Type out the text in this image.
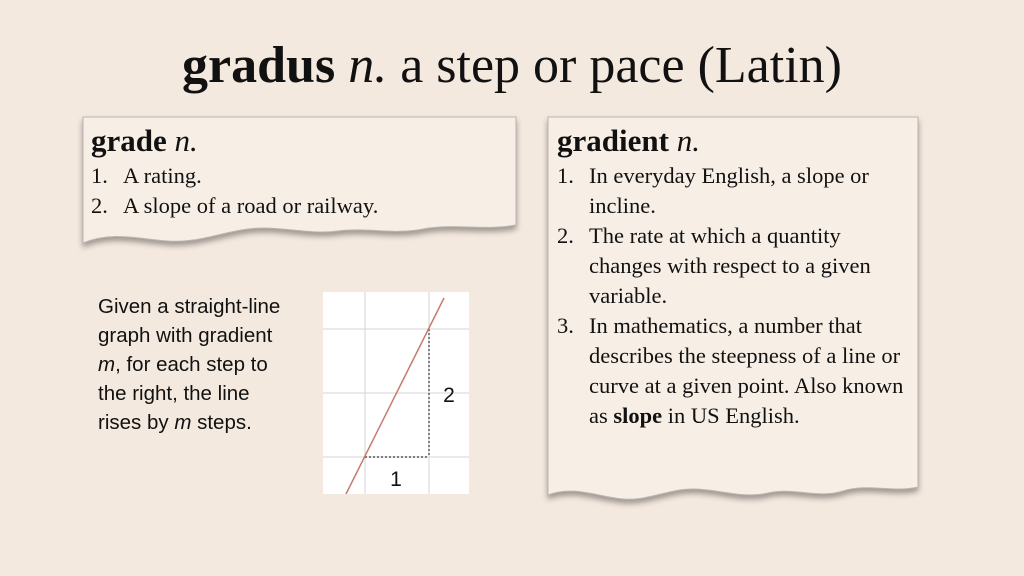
gradus n. a step or pace (Latin)
grade n.
1. A rating.
2. A slope of a road or railway.
gradient n.
1. In everyday English, a slope or incline.
2. The rate at which a quantity changes with respect to a given variable.
3. In mathematics, a number that describes the steepness of a line or curve at a given point. Also known as slope in US English.
Given a straight-line graph with gradient m, for each step to the right, the line rises by m steps.
1
2
